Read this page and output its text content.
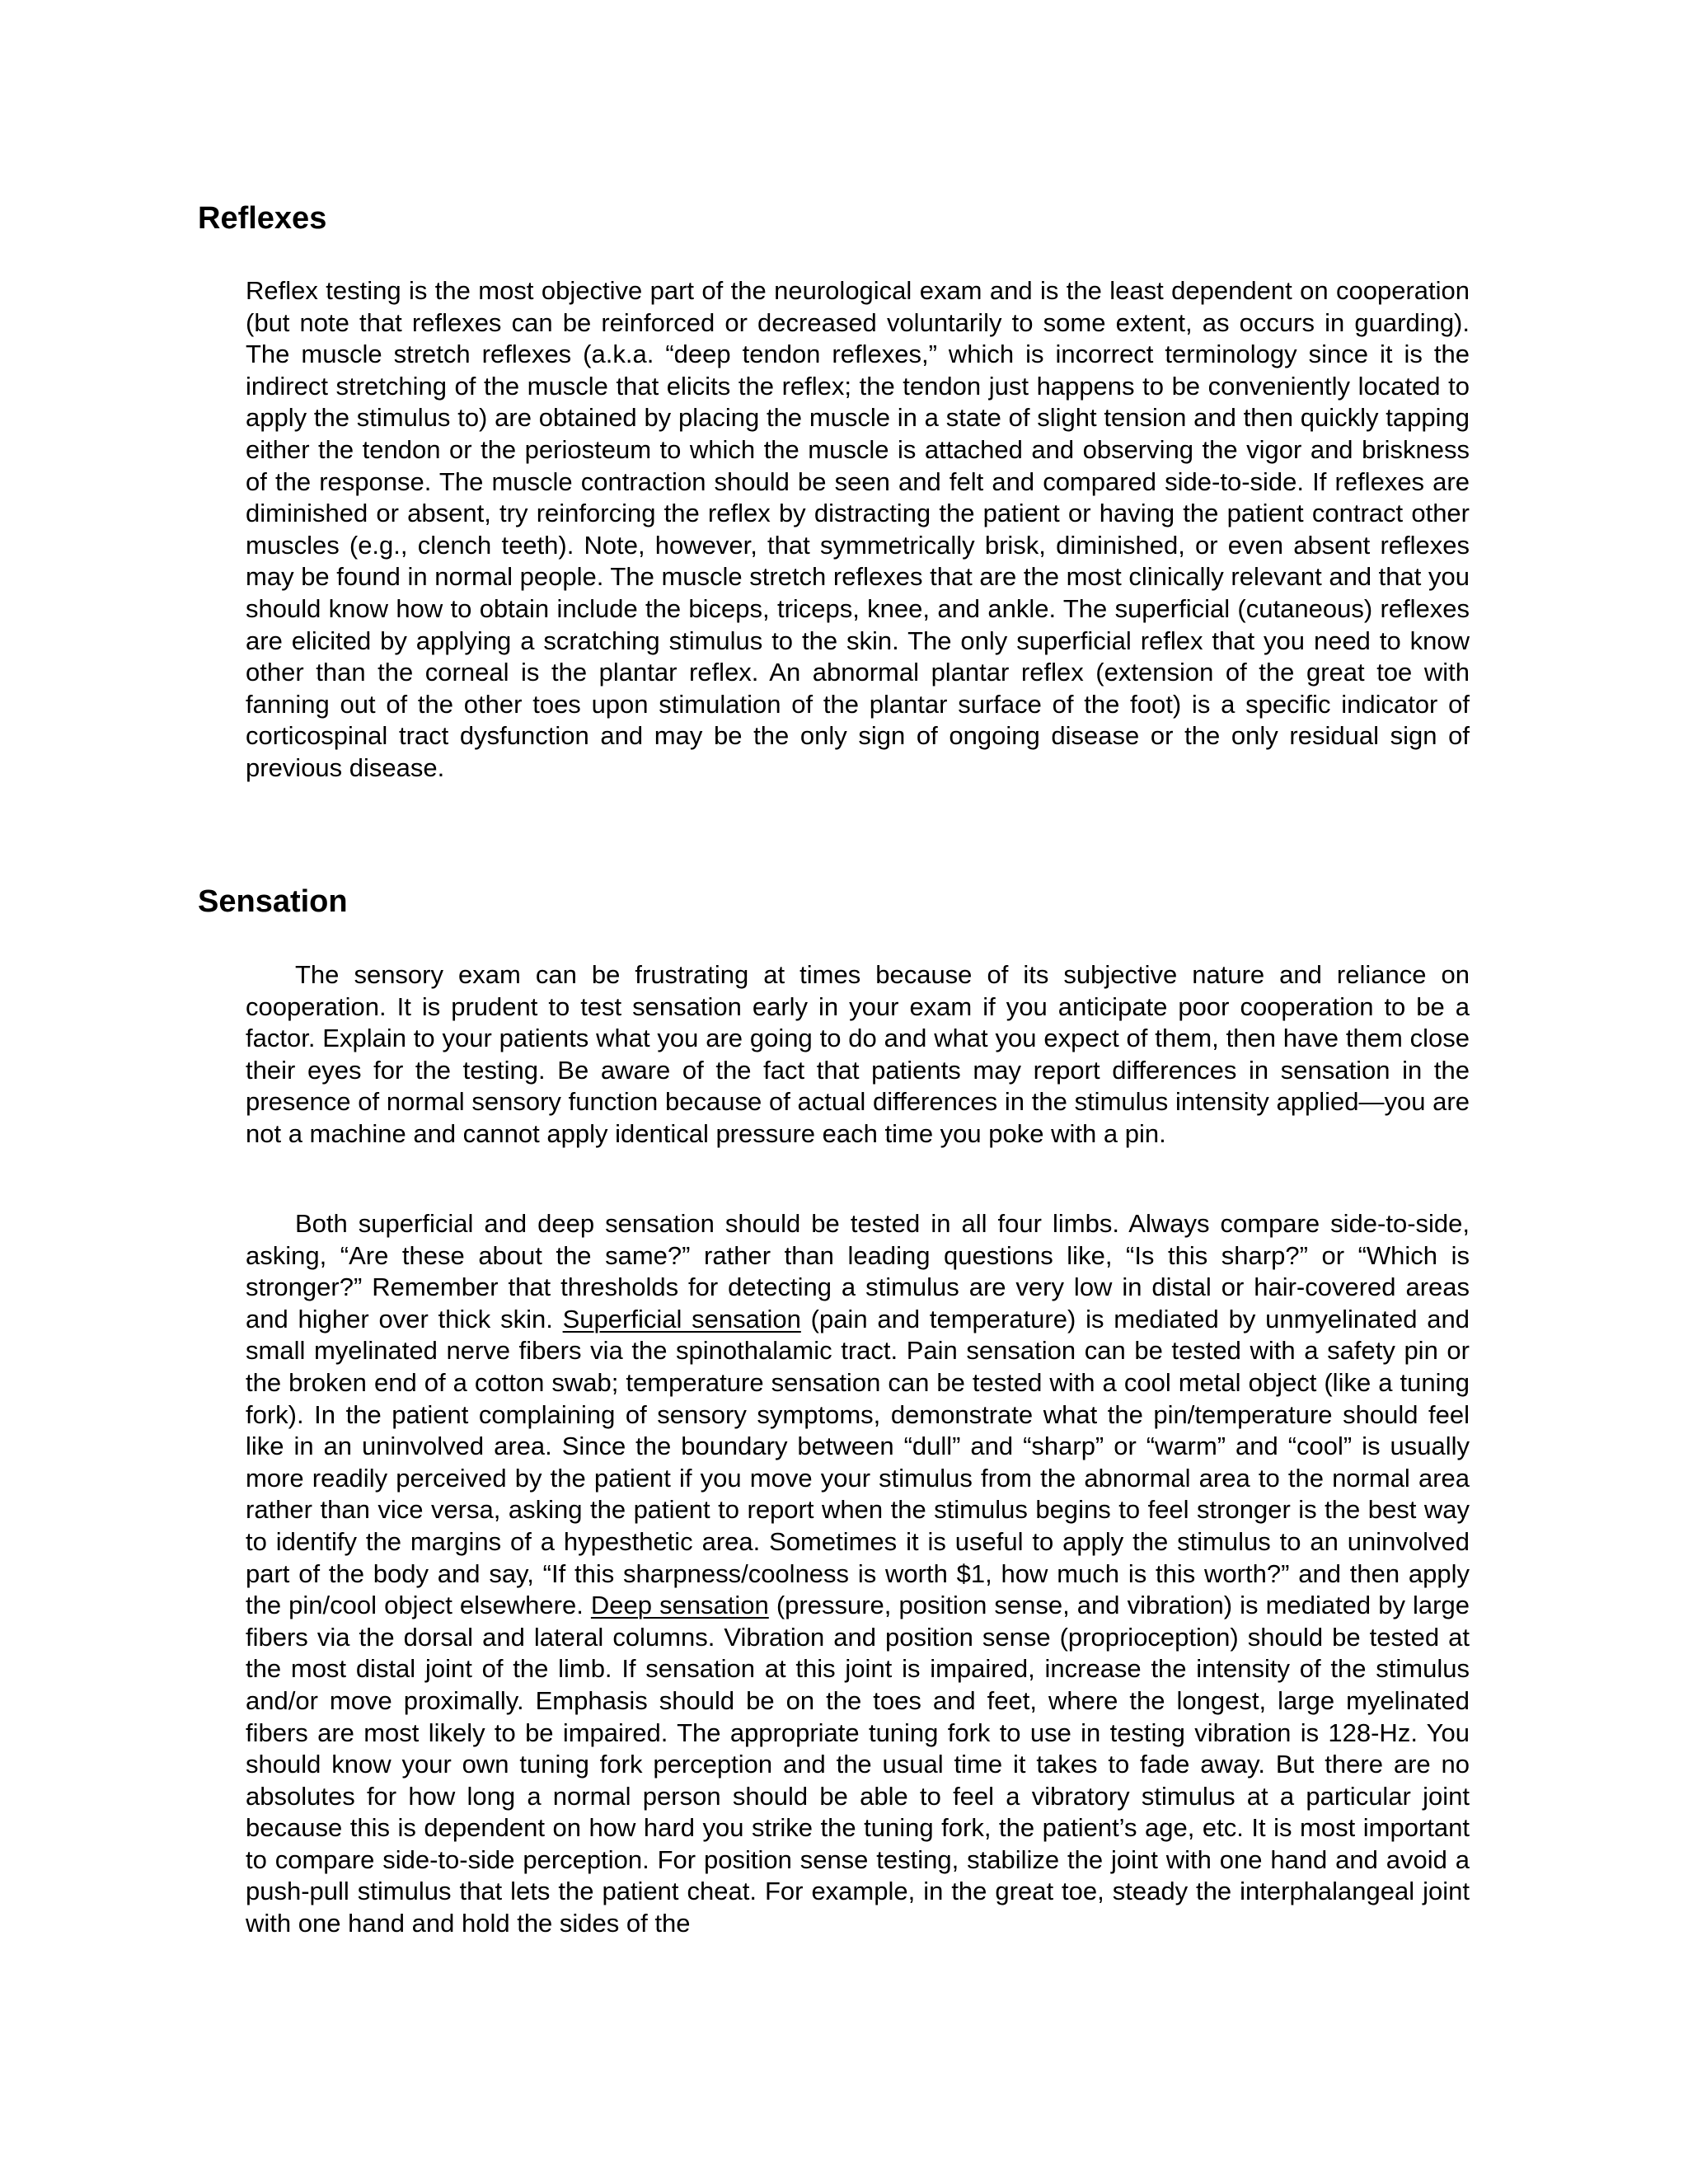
Reflexes

Reflex testing is the most objective part of the neurological exam and is the least dependent on cooperation (but note that reflexes can be reinforced or decreased voluntarily to some extent, as occurs in guarding). The muscle stretch reflexes (a.k.a. “deep tendon reflexes,” which is incorrect terminology since it is the indirect stretching of the muscle that elicits the reflex; the tendon just happens to be conveniently located to apply the stimulus to) are obtained by placing the muscle in a state of slight tension and then quickly tapping either the tendon or the periosteum to which the muscle is attached and observing the vigor and briskness of the response. The muscle contraction should be seen and felt and compared side-to-side. If reflexes are diminished or absent, try reinforcing the reflex by distracting the patient or having the patient contract other muscles (e.g., clench teeth). Note, however, that symmetrically brisk, diminished, or even absent reflexes may be found in normal people. The muscle stretch reflexes that are the most clinically relevant and that you should know how to obtain include the biceps, triceps, knee, and ankle. The superficial (cutaneous) reflexes are elicited by applying a scratching stimulus to the skin. The only superficial reflex that you need to know other than the corneal is the plantar reflex. An abnormal plantar reflex (extension of the great toe with fanning out of the other toes upon stimulation of the plantar surface of the foot) is a specific indicator of corticospinal tract dysfunction and may be the only sign of ongoing disease or the only residual sign of previous disease.

Sensation

The sensory exam can be frustrating at times because of its subjective nature and reliance on cooperation. It is prudent to test sensation early in your exam if you anticipate poor cooperation to be a factor. Explain to your patients what you are going to do and what you expect of them, then have them close their eyes for the testing. Be aware of the fact that patients may report differences in sensation in the presence of normal sensory function because of actual differences in the stimulus intensity applied—you are not a machine and cannot apply identical pressure each time you poke with a pin.

Both superficial and deep sensation should be tested in all four limbs. Always compare side-to-side, asking, “Are these about the same?” rather than leading questions like, “Is this sharp?” or “Which is stronger?” Remember that thresholds for detecting a stimulus are very low in distal or hair-covered areas and higher over thick skin. Superficial sensation (pain and temperature) is mediated by unmyelinated and small myelinated nerve fibers via the spinothalamic tract. Pain sensation can be tested with a safety pin or the broken end of a cotton swab; temperature sensation can be tested with a cool metal object (like a tuning fork). In the patient complaining of sensory symptoms, demonstrate what the pin/temperature should feel like in an uninvolved area. Since the boundary between “dull” and “sharp” or “warm” and “cool” is usually more readily perceived by the patient if you move your stimulus from the abnormal area to the normal area rather than vice versa, asking the patient to report when the stimulus begins to feel stronger is the best way to identify the margins of a hypesthetic area. Sometimes it is useful to apply the stimulus to an uninvolved part of the body and say, “If this sharpness/coolness is worth $1, how much is this worth?” and then apply the pin/cool object elsewhere. Deep sensation (pressure, position sense, and vibration) is mediated by large fibers via the dorsal and lateral columns. Vibration and position sense (proprioception) should be tested at the most distal joint of the limb. If sensation at this joint is impaired, increase the intensity of the stimulus and/or move proximally. Emphasis should be on the toes and feet, where the longest, large myelinated fibers are most likely to be impaired. The appropriate tuning fork to use in testing vibration is 128-Hz. You should know your own tuning fork perception and the usual time it takes to fade away. But there are no absolutes for how long a normal person should be able to feel a vibratory stimulus at a particular joint because this is dependent on how hard you strike the tuning fork, the patient’s age, etc. It is most important to compare side-to-side perception. For position sense testing, stabilize the joint with one hand and avoid a push-pull stimulus that lets the patient cheat. For example, in the great toe, steady the interphalangeal joint with one hand and hold the sides of the
